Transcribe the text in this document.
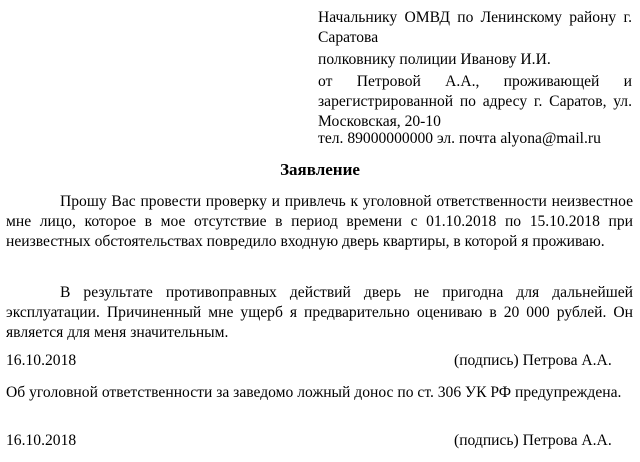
Начальнику ОМВД по Ленинскому району г. Саратова
полковнику полиции Иванову И.И.
от Петровой А.А., проживающей и зарегистрированной по адресу г. Саратов, ул. Московская, 20-10
тел. 89000000000 эл. почта alyona@mail.ru
Заявление
Прошу Вас провести проверку и привлечь к уголовной ответственности неизвестное мне лицо, которое в мое отсутствие в период времени с 01.10.2018 по 15.10.2018 при неизвестных обстоятельствах повредило входную дверь квартиры, в которой я проживаю.
В результате противоправных действий дверь не пригодна для дальнейшей эксплуатации. Причиненный мне ущерб я предварительно оцениваю в 20 000 рублей. Он является для меня значительным.
16.10.2018	(подпись) Петрова А.А.
Об уголовной ответственности за заведомо ложный донос по ст. 306 УК РФ предупреждена.
16.10.2018	(подпись) Петрова А.А.
